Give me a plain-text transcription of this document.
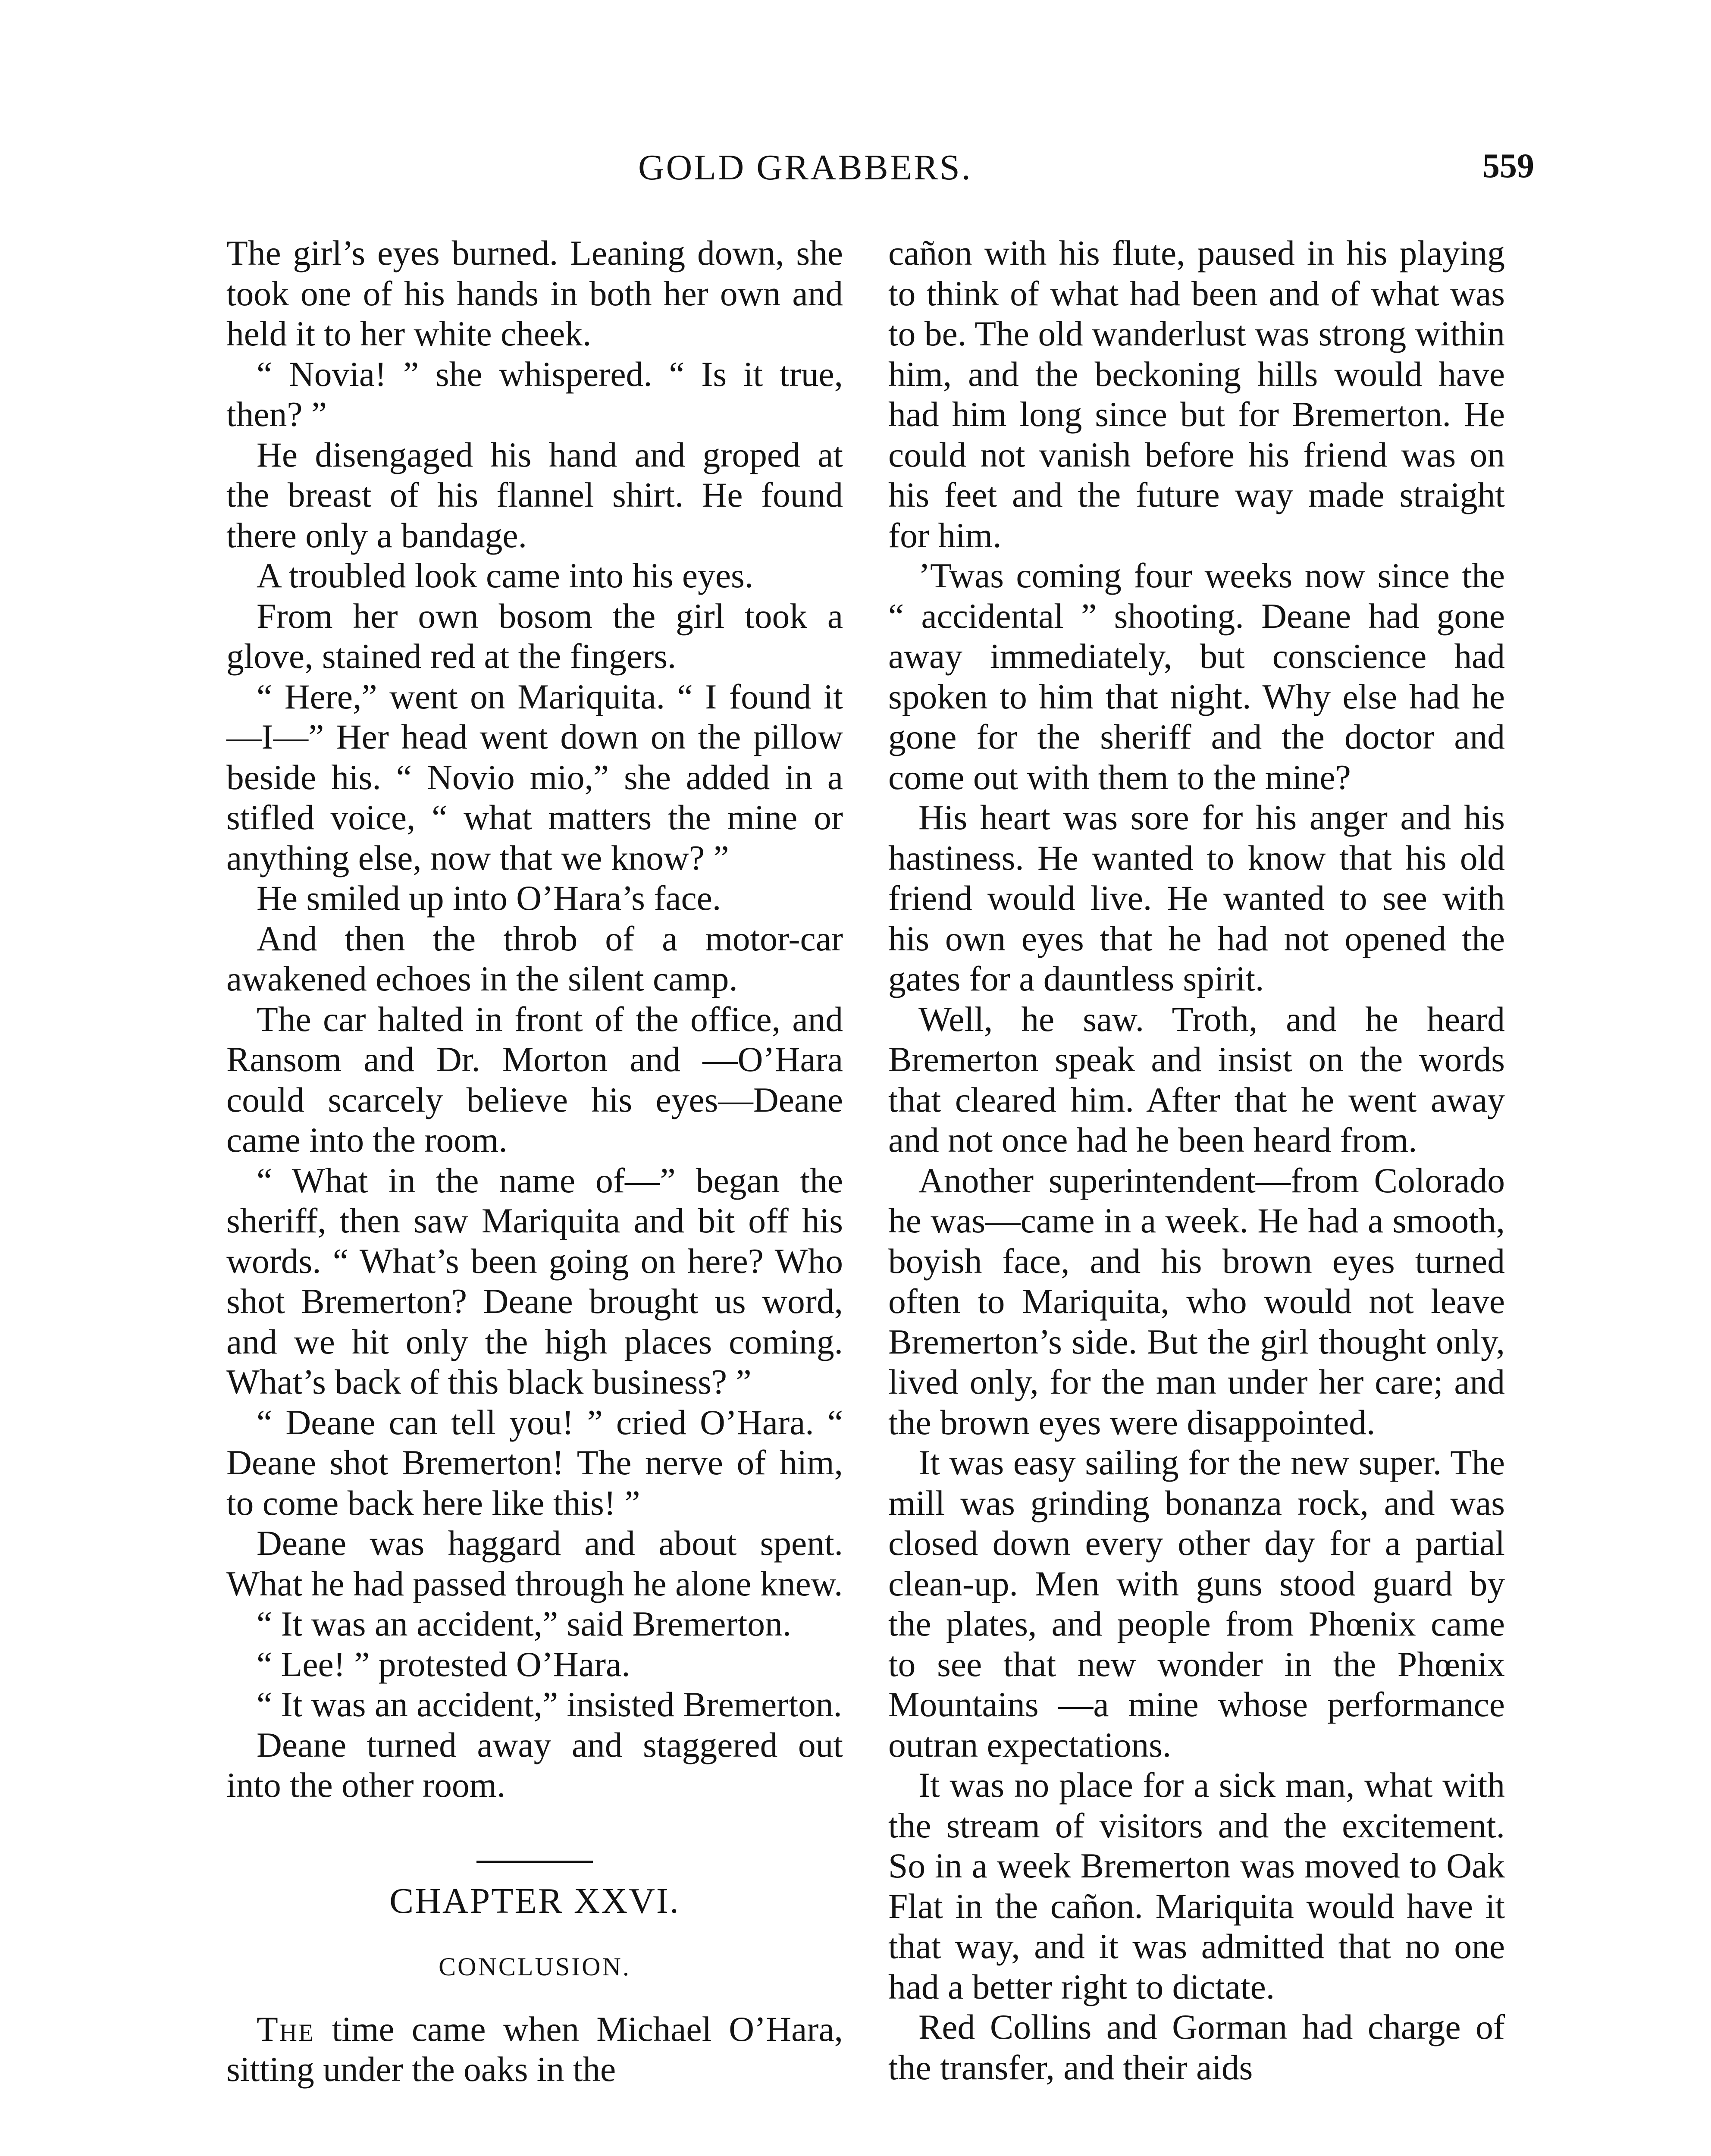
GOLD GRABBERS.	559

The girl’s eyes burned. Leaning down, she took one of his hands in both her own and held it to her white cheek.

“ Novia! ” she whispered. “ Is it true, then? ”

He disengaged his hand and groped at the breast of his flannel shirt. He found there only a bandage.

A troubled look came into his eyes.

From her own bosom the girl took a glove, stained red at the fingers.

“ Here,” went on Mariquita. “ I found it—I—” Her head went down on the pillow beside his. “ Novio mio,” she added in a stifled voice, “ what matters the mine or anything else, now that we know? ”

He smiled up into O’Hara’s face.

And then the throb of a motor-car awakened echoes in the silent camp.

The car halted in front of the office, and Ransom and Dr. Morton and —O’Hara could scarcely believe his eyes—Deane came into the room.

“ What in the name of—” began the sheriff, then saw Mariquita and bit off his words. “ What’s been going on here? Who shot Bremerton? Deane brought us word, and we hit only the high places coming. What’s back of this black business? ”

“ Deane can tell you! ” cried O’Hara. “ Deane shot Bremerton! The nerve of him, to come back here like this! ”

Deane was haggard and about spent. What he had passed through he alone knew.

“ It was an accident,” said Bremerton.

“ Lee! ” protested O’Hara.

“ It was an accident,” insisted Bremerton.

Deane turned away and staggered out into the other room.

CHAPTER XXVI.
CONCLUSION.

The time came when Michael O’Hara, sitting under the oaks in the

cañon with his flute, paused in his playing to think of what had been and of what was to be. The old wanderlust was strong within him, and the beckoning hills would have had him long since but for Bremerton. He could not vanish before his friend was on his feet and the future way made straight for him.

’Twas coming four weeks now since the “ accidental ” shooting. Deane had gone away immediately, but conscience had spoken to him that night. Why else had he gone for the sheriff and the doctor and come out with them to the mine?

His heart was sore for his anger and his hastiness. He wanted to know that his old friend would live. He wanted to see with his own eyes that he had not opened the gates for a dauntless spirit.

Well, he saw. Troth, and he heard Bremerton speak and insist on the words that cleared him. After that he went away and not once had he been heard from.

Another superintendent—from Colorado he was—came in a week. He had a smooth, boyish face, and his brown eyes turned often to Mariquita, who would not leave Bremerton’s side. But the girl thought only, lived only, for the man under her care; and the brown eyes were disappointed.

It was easy sailing for the new super. The mill was grinding bonanza rock, and was closed down every other day for a partial clean-up. Men with guns stood guard by the plates, and people from Phœnix came to see that new wonder in the Phœnix Mountains —a mine whose performance outran expectations.

It was no place for a sick man, what with the stream of visitors and the excitement. So in a week Bremerton was moved to Oak Flat in the cañon. Mariquita would have it that way, and it was admitted that no one had a better right to dictate.

Red Collins and Gorman had charge of the transfer, and their aids
